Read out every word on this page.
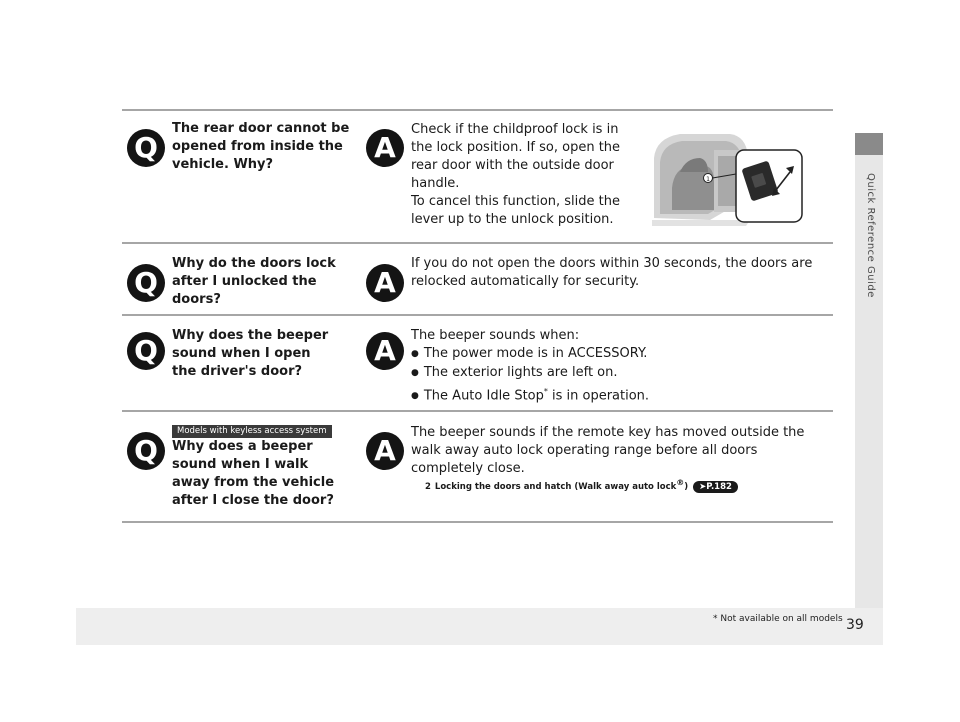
Quick Reference Guide
Q
The rear door cannot be opened from inside the vehicle. Why?
A

Check if the childproof lock is in

the lock position. If so, open the

rear door with the outside door

handle.

To cancel this function, slide the

lever up to the unlock position.

1
Q
Why do the doors lock after I unlocked the doors?
A

If you do not open the doors within 30 seconds, the doors are

relocked automatically for security.

Q	Why does the beeper sound when I open the driver's door?
A	The beeper sounds when:

● The power mode is in ACCESSORY.
● The exterior lights are left on.
● The Auto Idle Stop* is in operation.
Models with keyless access system
Q	Why does a beeper sound when I walk away from the vehicle after I close the door?
A

The beeper sounds if the remote key has moved outside the

walk away auto lock operating range before all doors

completely close.

2 Locking the doors and hatch (Walk away auto lock®) ➤P.182
* Not available on all models 39
